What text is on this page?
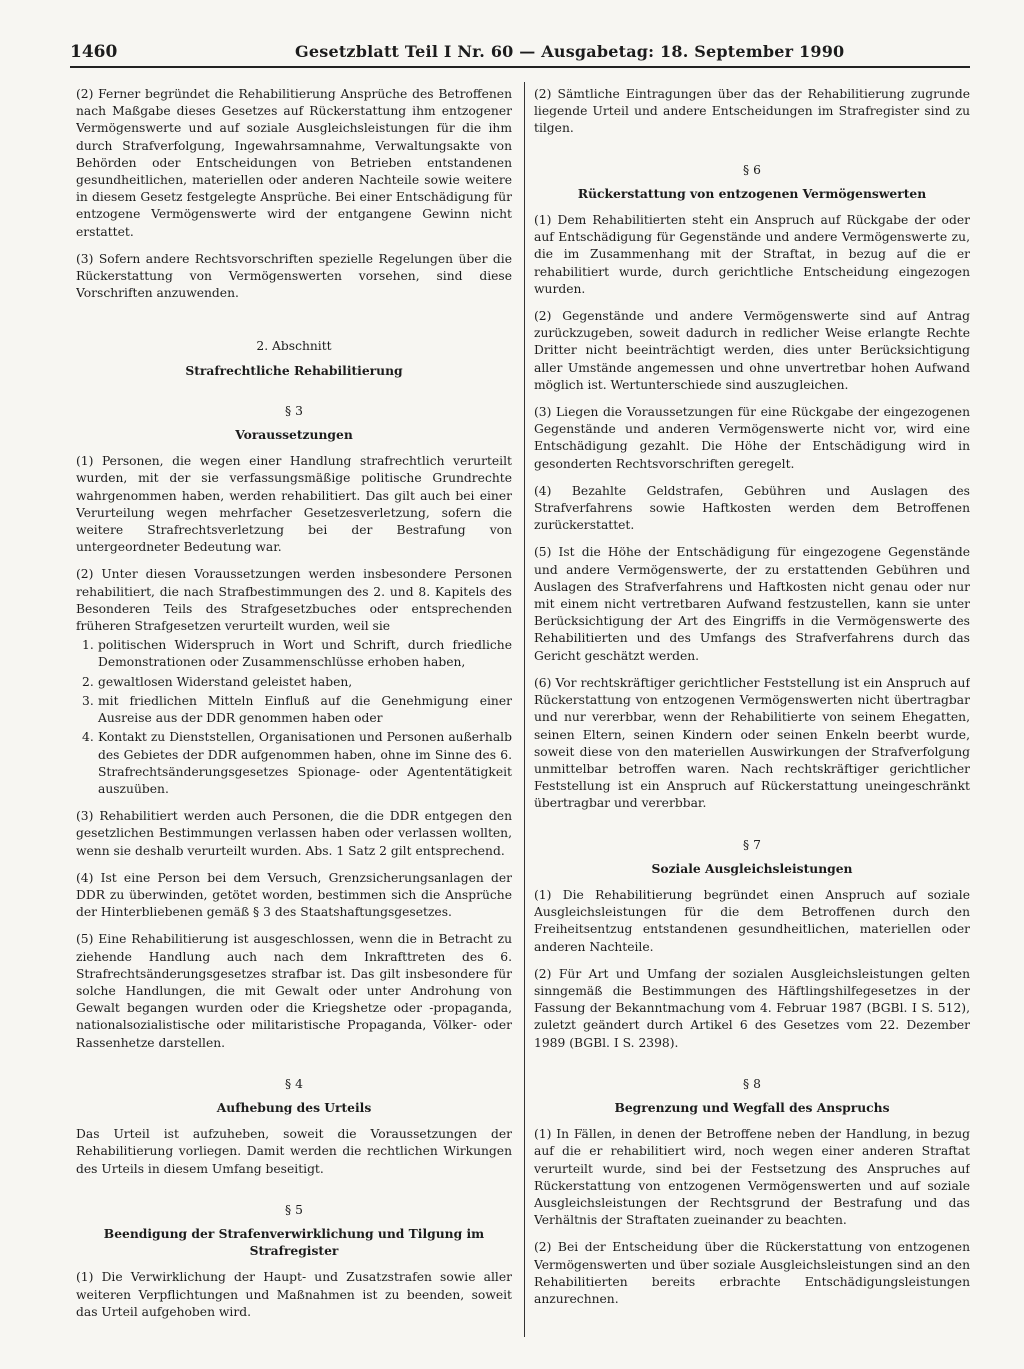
1460	Gesetzblatt Teil I Nr. 60 — Ausgabetag: 18. September 1990

(2) Ferner begründet die Rehabilitierung Ansprüche des Betroffenen nach Maßgabe dieses Gesetzes auf Rückerstattung ihm entzogener Vermögenswerte und auf soziale Ausgleichsleistungen für die ihm durch Strafverfolgung, Ingewahrsamnahme, Verwaltungsakte von Behörden oder Entscheidungen von Betrieben entstandenen gesundheitlichen, materiellen oder anderen Nachteile sowie weitere in diesem Gesetz festgelegte Ansprüche. Bei einer Entschädigung für entzogene Vermögenswerte wird der entgangene Gewinn nicht erstattet.

(3) Sofern andere Rechtsvorschriften spezielle Regelungen über die Rückerstattung von Vermögenswerten vorsehen, sind diese Vorschriften anzuwenden.

2. Abschnitt

Strafrechtliche Rehabilitierung

§ 3

Voraussetzungen

(1) Personen, die wegen einer Handlung strafrechtlich verurteilt wurden, mit der sie verfassungsmäßige politische Grundrechte wahrgenommen haben, werden rehabilitiert. Das gilt auch bei einer Verurteilung wegen mehrfacher Gesetzesverletzung, sofern die weitere Strafrechtsverletzung bei der Bestrafung von untergeordneter Bedeutung war.

(2) Unter diesen Voraussetzungen werden insbesondere Personen rehabilitiert, die nach Strafbestimmungen des 2. und 8. Kapitels des Besonderen Teils des Strafgesetzbuches oder entsprechenden früheren Strafgesetzen verurteilt wurden, weil sie

1. politischen Widerspruch in Wort und Schrift, durch friedliche Demonstrationen oder Zusammenschlüsse erhoben haben,
2. gewaltlosen Widerstand geleistet haben,
3. mit friedlichen Mitteln Einfluß auf die Genehmigung einer Ausreise aus der DDR genommen haben oder
4. Kontakt zu Dienststellen, Organisationen und Personen außerhalb des Gebietes der DDR aufgenommen haben, ohne im Sinne des 6. Strafrechtsänderungsgesetzes Spionage- oder Agententätigkeit auszuüben.

(3) Rehabilitiert werden auch Personen, die die DDR entgegen den gesetzlichen Bestimmungen verlassen haben oder verlassen wollten, wenn sie deshalb verurteilt wurden. Abs. 1 Satz 2 gilt entsprechend.

(4) Ist eine Person bei dem Versuch, Grenzsicherungsanlagen der DDR zu überwinden, getötet worden, bestimmen sich die Ansprüche der Hinterbliebenen gemäß § 3 des Staatshaftungsgesetzes.

(5) Eine Rehabilitierung ist ausgeschlossen, wenn die in Betracht zu ziehende Handlung auch nach dem Inkrafttreten des 6. Strafrechtsänderungsgesetzes strafbar ist. Das gilt insbesondere für solche Handlungen, die mit Gewalt oder unter Androhung von Gewalt begangen wurden oder die Kriegshetze oder -propaganda, nationalsozialistische oder militaristische Propaganda, Völker- oder Rassenhetze darstellen.

§ 4

Aufhebung des Urteils

Das Urteil ist aufzuheben, soweit die Voraussetzungen der Rehabilitierung vorliegen. Damit werden die rechtlichen Wirkungen des Urteils in diesem Umfang beseitigt.

§ 5

Beendigung der Strafenverwirklichung und Tilgung im Strafregister

(1) Die Verwirklichung der Haupt- und Zusatzstrafen sowie aller weiteren Verpflichtungen und Maßnahmen ist zu beenden, soweit das Urteil aufgehoben wird.

(2) Sämtliche Eintragungen über das der Rehabilitierung zugrunde liegende Urteil und andere Entscheidungen im Strafregister sind zu tilgen.

§ 6

Rückerstattung von entzogenen Vermögenswerten

(1) Dem Rehabilitierten steht ein Anspruch auf Rückgabe der oder auf Entschädigung für Gegenstände und andere Vermögenswerte zu, die im Zusammenhang mit der Straftat, in bezug auf die er rehabilitiert wurde, durch gerichtliche Entscheidung eingezogen wurden.

(2) Gegenstände und andere Vermögenswerte sind auf Antrag zurückzugeben, soweit dadurch in redlicher Weise erlangte Rechte Dritter nicht beeinträchtigt werden, dies unter Berücksichtigung aller Umstände angemessen und ohne unvertretbar hohen Aufwand möglich ist. Wertunterschiede sind auszugleichen.

(3) Liegen die Voraussetzungen für eine Rückgabe der eingezogenen Gegenstände und anderen Vermögenswerte nicht vor, wird eine Entschädigung gezahlt. Die Höhe der Entschädigung wird in gesonderten Rechtsvorschriften geregelt.

(4) Bezahlte Geldstrafen, Gebühren und Auslagen des Strafverfahrens sowie Haftkosten werden dem Betroffenen zurückerstattet.

(5) Ist die Höhe der Entschädigung für eingezogene Gegenstände und andere Vermögenswerte, der zu erstattenden Gebühren und Auslagen des Strafverfahrens und Haftkosten nicht genau oder nur mit einem nicht vertretbaren Aufwand festzustellen, kann sie unter Berücksichtigung der Art des Eingriffs in die Vermögenswerte des Rehabilitierten und des Umfangs des Strafverfahrens durch das Gericht geschätzt werden.

(6) Vor rechtskräftiger gerichtlicher Feststellung ist ein Anspruch auf Rückerstattung von entzogenen Vermögenswerten nicht übertragbar und nur vererbbar, wenn der Rehabilitierte von seinem Ehegatten, seinen Eltern, seinen Kindern oder seinen Enkeln beerbt wurde, soweit diese von den materiellen Auswirkungen der Strafverfolgung unmittelbar betroffen waren. Nach rechtskräftiger gerichtlicher Feststellung ist ein Anspruch auf Rückerstattung uneingeschränkt übertragbar und vererbbar.

§ 7

Soziale Ausgleichsleistungen

(1) Die Rehabilitierung begründet einen Anspruch auf soziale Ausgleichsleistungen für die dem Betroffenen durch den Freiheitsentzug entstandenen gesundheitlichen, materiellen oder anderen Nachteile.

(2) Für Art und Umfang der sozialen Ausgleichsleistungen gelten sinngemäß die Bestimmungen des Häftlingshilfegesetzes in der Fassung der Bekanntmachung vom 4. Februar 1987 (BGBl. I S. 512), zuletzt geändert durch Artikel 6 des Gesetzes vom 22. Dezember 1989 (BGBl. I S. 2398).

§ 8

Begrenzung und Wegfall des Anspruchs

(1) In Fällen, in denen der Betroffene neben der Handlung, in bezug auf die er rehabilitiert wird, noch wegen einer anderen Straftat verurteilt wurde, sind bei der Festsetzung des Anspruches auf Rückerstattung von entzogenen Vermögenswerten und auf soziale Ausgleichsleistungen der Rechtsgrund der Bestrafung und das Verhältnis der Straftaten zueinander zu beachten.

(2) Bei der Entscheidung über die Rückerstattung von entzogenen Vermögenswerten und über soziale Ausgleichsleistungen sind an den Rehabilitierten bereits erbrachte Entschädigungsleistungen anzurechnen.
